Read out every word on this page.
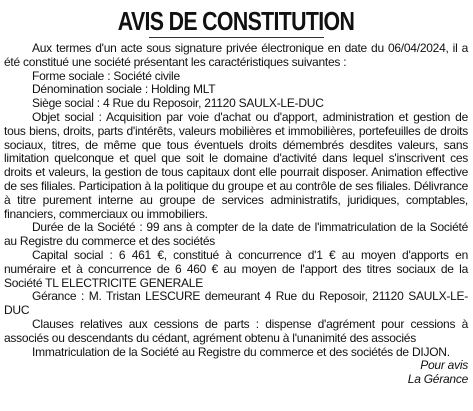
AVIS DE CONSTITUTION

Aux termes d'un acte sous signature privée électronique en date du 06/04/2024, il a été constitué une société présentant les caractéristiques suivantes :

Forme sociale : Société civile

Dénomination sociale : Holding MLT

Siège social : 4 Rue du Reposoir, 21120 SAULX-LE-DUC

Objet social : Acquisition par voie d'achat ou d'apport, administration et gestion de tous biens, droits, parts d'intérêts, valeurs mobilières et immobilières, portefeuilles de droits sociaux, titres, de même que tous éventuels droits démembrés desdites valeurs, sans limitation quelconque et quel que soit le domaine d'activité dans lequel s'inscrivent ces droits et valeurs, la gestion de tous capitaux dont elle pourrait disposer. Animation effective de ses filiales. Participation à la politique du groupe et au contrôle de ses filiales. Délivrance à titre purement interne au groupe de services administratifs, juridiques, comptables, financiers, commerciaux ou immobiliers.

Durée de la Société : 99 ans à compter de la date de l'immatriculation de la Société au Registre du commerce et des sociétés

Capital social : 6 461 €, constitué à concurrence d'1 € au moyen d'apports en numéraire et à concurrence de 6 460 € au moyen de l'apport des titres sociaux de la Société TL ELECTRICITE GENERALE

Gérance : M. Tristan LESCURE demeurant 4 Rue du Reposoir, 21120 SAULX-LE-DUC

Clauses relatives aux cessions de parts : dispense d'agrément pour cessions à associés ou descendants du cédant, agrément obtenu à l'unanimité des associés

Immatriculation de la Société au Registre du commerce et des sociétés de DIJON.

Pour avis
La Gérance
